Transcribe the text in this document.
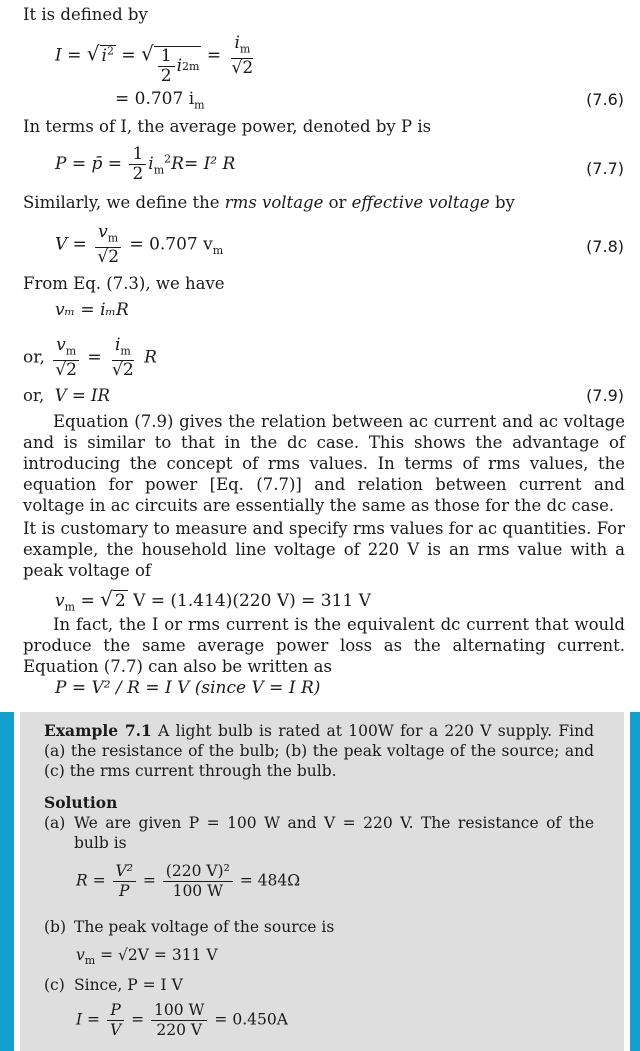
It is defined by
I = √ $i^2$ = √ $\frac{1}{2}$ i 2 m
= $\frac{i_m}{√2}$
= 0.707 $i_m$	(7.6)
In terms of I, the average power, denoted by P is
P = p̄ = $\frac{1}{2} i_m^2R= I^2$ R	(7.7)
Similarly, we define the rms voltage or effective voltage by
$V = \frac{v_m}{√2} = 0.707$ $v_m$	(7.8)
From Eq. (7.3), we have
vₘ = iₘR
or, $\frac{v_m}{√2} = \frac{i_m}{√2}$ R
or, V = IR	(7.9)
Equation (7.9) gives the relation between ac current and ac voltage and is similar to that in the dc case. This shows the advantage of introducing the concept of rms values. In terms of rms values, the equation for power [Eq. (7.7)] and relation between current and voltage in ac circuits are essentially the same as those for the dc case.
It is customary to measure and specify rms values for ac quantities. For example, the household line voltage of 220 V is an rms value with a peak voltage of
$v_m$ = √ 2 V = (1.414)(220 V) = 311 V
In fact, the I or rms current is the equivalent dc current that would produce the same average power loss as the alternating current. Equation (7.7) can also be written as
P = V² / R = I V (since V = I R)
Example 7.1 A light bulb is rated at 100W for a 220 V supply. Find (a) the resistance of the bulb; (b) the peak voltage of the source; and (c) the rms current through the bulb.
Solution
(a) We are given P = 100 W and V = 220 V. The resistance of the bulb is
$R = \frac{\text{V²}}{P} = \frac{\text{(220 V)²}}{100 W} = 484\Omega$
(b) The peak voltage of the source is
$v_m = √2V = 311$ V
(c) Since, P = I V
$I = \frac{P}{V} = \frac{100 W}{220 V} = 0.450A$
